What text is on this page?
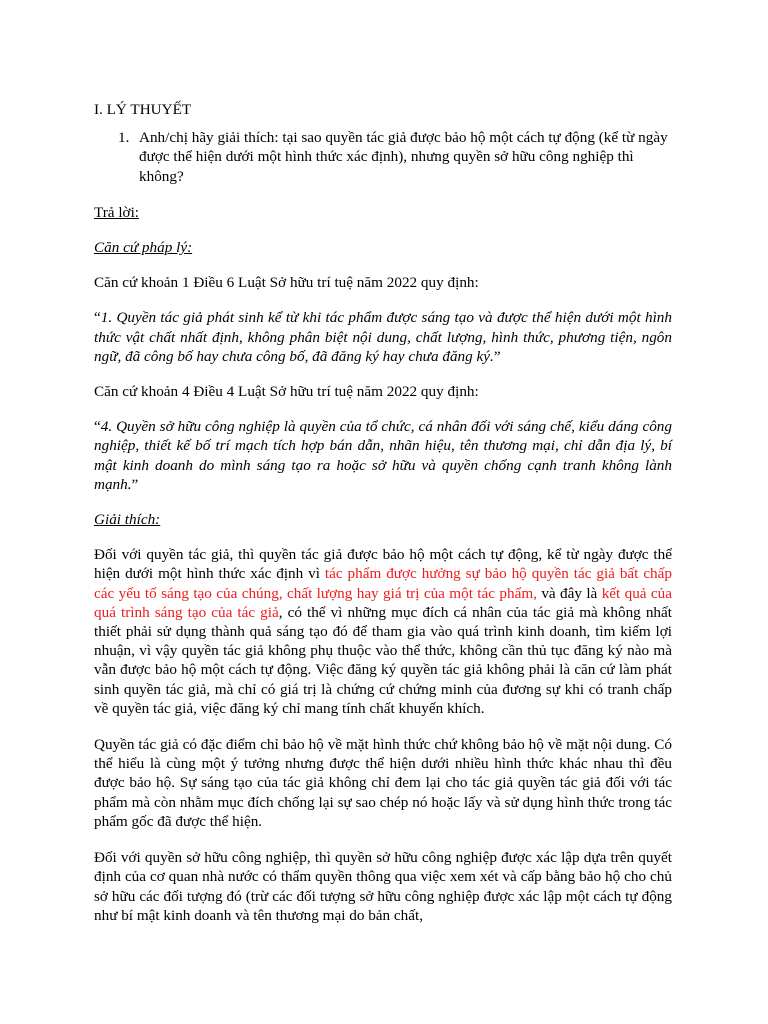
I. LÝ THUYẾT
1. Anh/chị hãy giải thích: tại sao quyền tác giả được bảo hộ một cách tự động (kể từ ngày được thể hiện dưới một hình thức xác định), nhưng quyền sở hữu công nghiệp thì không?
Trả lời:
Căn cứ pháp lý:
Căn cứ khoản 1 Điều 6 Luật Sở hữu trí tuệ năm 2022 quy định:
“1. Quyền tác giả phát sinh kể từ khi tác phẩm được sáng tạo và được thể hiện dưới một hình thức vật chất nhất định, không phân biệt nội dung, chất lượng, hình thức, phương tiện, ngôn ngữ, đã công bố hay chưa công bố, đã đăng ký hay chưa đăng ký.”
Căn cứ khoản 4 Điều 4 Luật Sở hữu trí tuệ năm 2022 quy định:
“4. Quyền sở hữu công nghiệp là quyền của tổ chức, cá nhân đối với sáng chế, kiểu dáng công nghiệp, thiết kế bố trí mạch tích hợp bán dẫn, nhãn hiệu, tên thương mại, chỉ dẫn địa lý, bí mật kinh doanh do mình sáng tạo ra hoặc sở hữu và quyền chống cạnh tranh không lành mạnh.”
Giải thích:
Đối với quyền tác giả, thì quyền tác giả được bảo hộ một cách tự động, kể từ ngày được thể hiện dưới một hình thức xác định vì tác phẩm được hưởng sự bảo hộ quyền tác giả bất chấp các yếu tố sáng tạo của chúng, chất lượng hay giá trị của một tác phẩm, và đây là kết quả của quá trình sáng tạo của tác giả, có thể vì những mục đích cá nhân của tác giả mà không nhất thiết phải sử dụng thành quả sáng tạo đó để tham gia vào quá trình kinh doanh, tìm kiếm lợi nhuận, vì vậy quyền tác giả không phụ thuộc vào thể thức, không cần thủ tục đăng ký nào mà vẫn được bảo hộ một cách tự động. Việc đăng ký quyền tác giả không phải là căn cứ làm phát sinh quyền tác giả, mà chỉ có giá trị là chứng cứ chứng minh của đương sự khi có tranh chấp về quyền tác giả, việc đăng ký chỉ mang tính chất khuyến khích.
Quyền tác giả có đặc điểm chỉ bảo hộ về mặt hình thức chứ không bảo hộ về mặt nội dung. Có thể hiểu là cùng một ý tưởng nhưng được thể hiện dưới nhiều hình thức khác nhau thì đều được bảo hộ. Sự sáng tạo của tác giả không chỉ đem lại cho tác giả quyền tác giả đối với tác phẩm mà còn nhằm mục đích chống lại sự sao chép nó hoặc lấy và sử dụng hình thức trong tác phẩm gốc đã được thể hiện.
Đối với quyền sở hữu công nghiệp, thì quyền sở hữu công nghiệp được xác lập dựa trên quyết định của cơ quan nhà nước có thẩm quyền thông qua việc xem xét và cấp bằng bảo hộ cho chủ sở hữu các đối tượng đó (trừ các đối tượng sở hữu công nghiệp được xác lập một cách tự động như bí mật kinh doanh và tên thương mại do bản chất,
